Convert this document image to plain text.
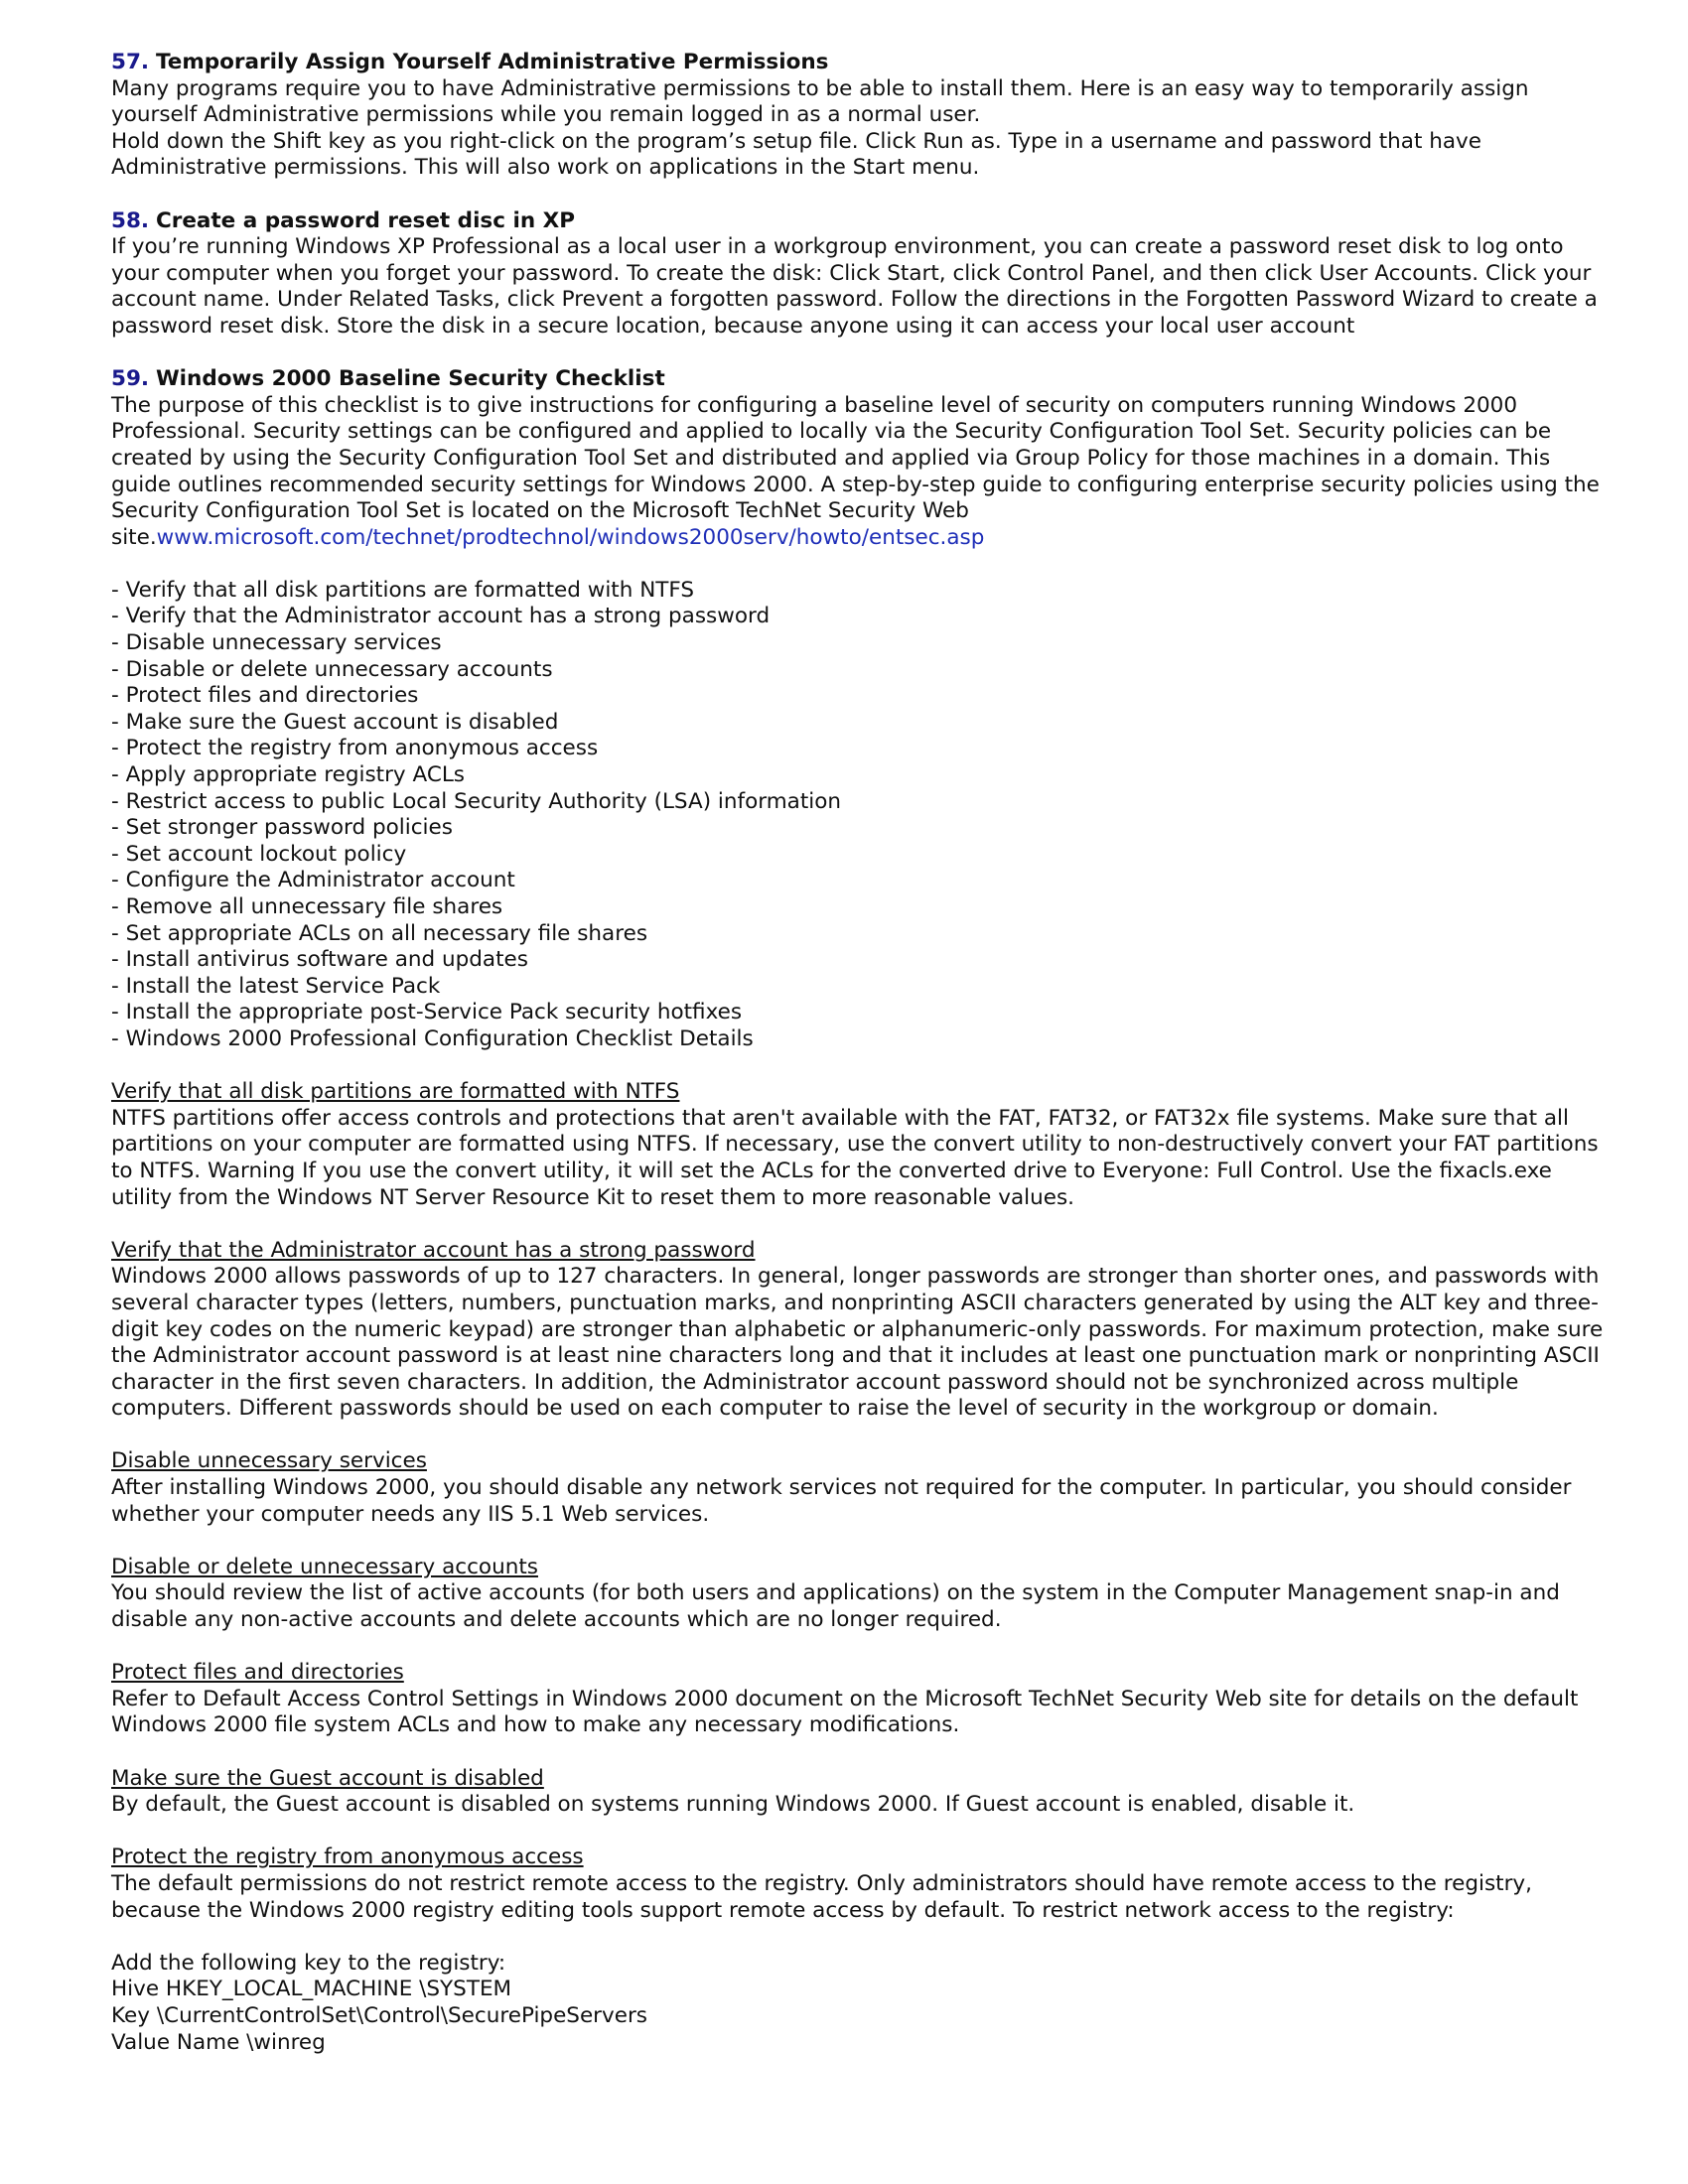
57. Temporarily Assign Yourself Administrative Permissions

Many programs require you to have Administrative permissions to be able to install them. Here is an easy way to temporarily assign yourself Administrative permissions while you remain logged in as a normal user.

Hold down the Shift key as you right-click on the program’s setup file. Click Run as. Type in a username and password that have Administrative permissions. This will also work on applications in the Start menu.

58. Create a password reset disc in XP

If you’re running Windows XP Professional as a local user in a workgroup environment, you can create a password reset disk to log onto your computer when you forget your password. To create the disk: Click Start, click Control Panel, and then click User Accounts. Click your account name. Under Related Tasks, click Prevent a forgotten password. Follow the directions in the Forgotten Password Wizard to create a password reset disk. Store the disk in a secure location, because anyone using it can access your local user account

59. Windows 2000 Baseline Security Checklist

The purpose of this checklist is to give instructions for configuring a baseline level of security on computers running Windows 2000 Professional. Security settings can be configured and applied to locally via the Security Configuration Tool Set. Security policies can be created by using the Security Configuration Tool Set and distributed and applied via Group Policy for those machines in a domain. This guide outlines recommended security settings for Windows 2000. A step-by-step guide to configuring enterprise security policies using the Security Configuration Tool Set is located on the Microsoft TechNet Security Web site.www.microsoft.com/technet/prodtechnol/windows2000serv/howto/entsec.asp

- Verify that all disk partitions are formatted with NTFS
- Verify that the Administrator account has a strong password
- Disable unnecessary services
- Disable or delete unnecessary accounts
- Protect files and directories
- Make sure the Guest account is disabled
- Protect the registry from anonymous access
- Apply appropriate registry ACLs
- Restrict access to public Local Security Authority (LSA) information
- Set stronger password policies
- Set account lockout policy
- Configure the Administrator account
- Remove all unnecessary file shares
- Set appropriate ACLs on all necessary file shares
- Install antivirus software and updates
- Install the latest Service Pack
- Install the appropriate post-Service Pack security hotfixes
- Windows 2000 Professional Configuration Checklist Details

Verify that all disk partitions are formatted with NTFS

NTFS partitions offer access controls and protections that aren't available with the FAT, FAT32, or FAT32x file systems. Make sure that all partitions on your computer are formatted using NTFS. If necessary, use the convert utility to non-destructively convert your FAT partitions to NTFS. Warning If you use the convert utility, it will set the ACLs for the converted drive to Everyone: Full Control. Use the fixacls.exe utility from the Windows NT Server Resource Kit to reset them to more reasonable values.

Verify that the Administrator account has a strong password

Windows 2000 allows passwords of up to 127 characters. In general, longer passwords are stronger than shorter ones, and passwords with several character types (letters, numbers, punctuation marks, and nonprinting ASCII characters generated by using the ALT key and three-digit key codes on the numeric keypad) are stronger than alphabetic or alphanumeric-only passwords. For maximum protection, make sure the Administrator account password is at least nine characters long and that it includes at least one punctuation mark or nonprinting ASCII character in the first seven characters. In addition, the Administrator account password should not be synchronized across multiple computers. Different passwords should be used on each computer to raise the level of security in the workgroup or domain.

Disable unnecessary services

After installing Windows 2000, you should disable any network services not required for the computer. In particular, you should consider whether your computer needs any IIS 5.1 Web services.

Disable or delete unnecessary accounts

You should review the list of active accounts (for both users and applications) on the system in the Computer Management snap-in and disable any non-active accounts and delete accounts which are no longer required.

Protect files and directories

Refer to Default Access Control Settings in Windows 2000 document on the Microsoft TechNet Security Web site for details on the default Windows 2000 file system ACLs and how to make any necessary modifications.

Make sure the Guest account is disabled

By default, the Guest account is disabled on systems running Windows 2000. If Guest account is enabled, disable it.

Protect the registry from anonymous access

The default permissions do not restrict remote access to the registry. Only administrators should have remote access to the registry, because the Windows 2000 registry editing tools support remote access by default. To restrict network access to the registry:

Add the following key to the registry:

Hive HKEY_LOCAL_MACHINE \SYSTEM

Key \CurrentControlSet\Control\SecurePipeServers

Value Name \winreg
